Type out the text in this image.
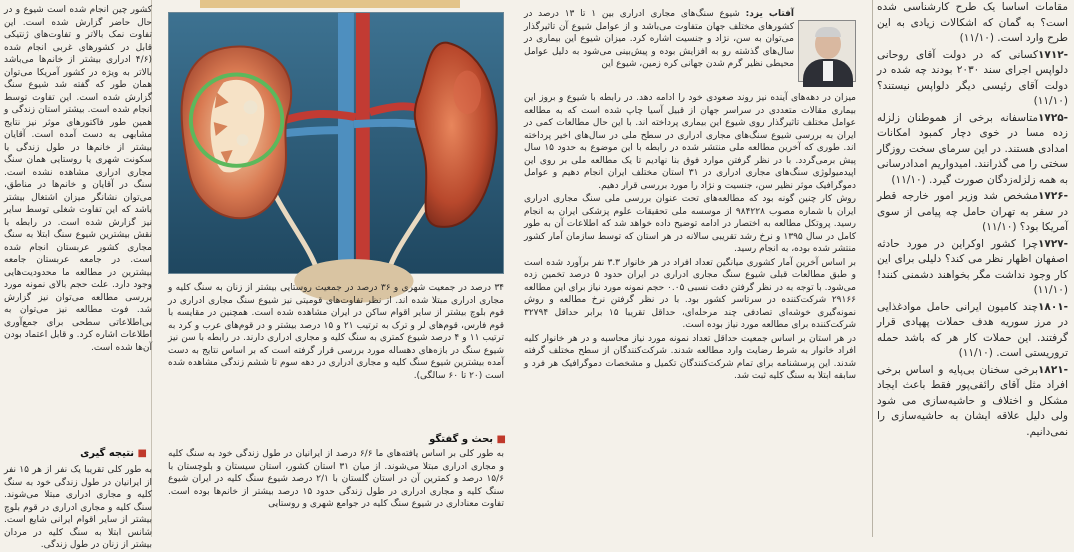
مقامات اساسا یک طرح کارشناسی شده است؟ به گمان که اشکالات زیادی به این طرح وارد است. (۱۱/۱۰)

-۱۷۱۲کسانی که در دولت آقای روحانی دلواپس اجرای سند ۲۰۳۰ بودند چه شده در دولت آقای رئیسی دیگر دلواپس نیستند؟ (۱۱/۱۰)

-۱۷۲۵متاسفانه برخی از هموطنان زلزله زده مسا در خوی دچار کمبود امکانات امدادی هستند. در این سرمای سخت روزگار سختی را می گذرانند. امیدواریم امدادرسانی به همه زلزله‌زدگان صورت گیرد. (۱۱/۱۰)

-۱۷۲۶مشخص شد وزیر امور خارجه قطر در سفر به تهران حامل چه پیامی از سوی آمریکا بود؟ (۱۱/۱۰)

-۱۷۲۷چرا کشور اوکراین در مورد حادثه اصفهان اظهار نظر می کند؟ دلیلی برای این کار وجود نداشت مگر بخواهند دشمنی کنند! (۱۱/۱۰)

-۱۸۰۱چند کامیون ایرانی حامل موادغذایی در مرز سوریه هدف حملات پهپادی قرار گرفتند. این حملات کار هر که باشد حمله تروریستی است. (۱۱/۱۰)

-۱۸۲۱برخی سخنان بی‌پایه و اساس برخی افراد مثل آقای رائفی‌پور فقط باعث ایجاد مشکل و اختلاف و حاشیه‌سازی می شود ولی دلیل علاقه ایشان به حاشیه‌سازی را نمی‌دانیم.

آفتاب یزد: شیوع سنگ‌های مجاری ادراری بین ۱ تا ۱۳ درصد در کشورهای مختلف جهان متفاوت می‌باشد و از عوامل شیوع آن تاثیرگذار می‌توان به سن، نژاد و جنسیت اشاره کرد. میزان شیوع این بیماری در سال‌های گذشته رو به افزایش بوده و پیش‌بینی می‌شود به دلیل عوامل محیطی نظیر گرم شدن جهانی کره زمین، شیوع این

میزان در دهه‌های آینده نیز روند صعودی خود را ادامه دهد. در رابطه با شیوع و بروز این بیماری مقالات متعددی در سراسر جهان از قبیل آسیا چاپ شده است که به مطالعه عوامل مختلف تاثیرگذار روی شیوع این بیماری پرداخته اند. با این حال مطالعات کمی در ایران به بررسی شیوع سنگ‌های مجاری ادراری در سطح ملی در سال‌های اخیر پرداخته اند. طوری که آخرین مطالعه ملی منتشر شده در رابطه با این موضوع به حدود ۱۵ سال پیش برمی‌گردد. با در نظر گرفتن موارد فوق بنا نهادیم تا یک مطالعه ملی بر روی این اپیدمیولوژی سنگ‌های مجاری ادراری در ۳۱ استان مختلف ایران انجام دهیم و عوامل دموگرافیک موثر نظیر سن، جنسیت و نژاد را مورد بررسی قرار دهیم.

روش کار چنین گونه بود که مطالعه‌های تحت عنوان بررسی ملی سنگ مجاری ادراری ایران با شماره مصوب ۹۸۴۲۲۸ از موسسه ملی تحقیقات علوم پزشکی ایران به انجام رسید. پروتکل مطالعه به اختصار در ادامه توضیح داده خواهد شد که اطلاعات آن به طور کامل در سال ۱۳۹۵ و نرخ رشد تقریبی سالانه در هر استان که توسط سازمان آمار کشور منتشر شده بوده، به انجام رسید.

بر اساس آخرین آمار کشوری میانگین تعداد افراد در هر خانوار ۳.۳ نفر برآورد شده است و طبق مطالعات قبلی شیوع سنگ مجاری ادراری در ایران حدود ۵ درصد تخمین زده می‌شود. با توجه به در نظر گرفتن دقت نسبی ۰.۰۵ حجم نمونه مورد نیاز برای این مطالعه ۲۹۱۶۶ شرکت‌کننده در سرتاسر کشور بود. با در نظر گرفتن نرخ مطالعه و روش نمونه‌گیری خوشه‌ای تصادفی چند مرحله‌ای، حداقل تقریبا ۱۵ برابر حداقل ۳۲۷۹۴ شرکت‌کننده برای مطالعه مورد نیاز بوده است.

در هر استان بر اساس جمعیت حداقل تعداد نمونه مورد نیاز محاسبه و در هر خانوار کلیه افراد خانوار به شرط رضایت وارد مطالعه شدند. شرکت‌کنندگان از سطح مختلف گرفته شدند. این پرسشنامه برای تمام شرکت‌کنندگان تکمیل و مشخصات دموگرافیک هر فرد و سابقه ابتلا به سنگ کلیه ثبت شد.

۳۴ درصد در جمعیت شهری و ۳۶ درصد در جمعیت روستایی بیشتر از زنان به سنگ کلیه و مجاری ادراری مبتلا شده اند. از نظر تفاوت‌های قومیتی نیز شیوع سنگ مجاری ادراری در قوم بلوچ بیشتر از سایر اقوام ساکن در ایران مشاهده شده است. همچنین در مقایسه با قوم فارس، قوم‌های لر و ترک به ترتیب ۲۱ و ۱۵ درصد بیشتر و در قوم‌های عرب و کرد به ترتیب ۱۱ و ۴ درصد شیوع کمتری به سنگ کلیه و مجاری ادراری دارند. در رابطه با سن نیز شیوع سنگ در بازه‌های دهساله مورد بررسی قرار گرفته است که بر اساس نتایج به دست آمده بیشترین شیوع سنگ کلیه و مجاری ادراری در دهه سوم تا ششم زندگی مشاهده شده است (۲۰ تا ۶۰ سالگی).
■ بحث و گفتگو
به طور کلی بر اساس یافته‌های ما ۶/۶ درصد از ایرانیان در طول زندگی خود به سنگ کلیه و مجاری ادراری مبتلا می‌شوند. از میان ۳۱ استان کشور، استان سیستان و بلوچستان با ۱۵/۶ درصد و کمترین آن در استان گلستان با ۲/۱ درصد شیوع سنگ کلیه در ایران شیوع سنگ کلیه و مجاری ادراری در طول زندگی حدود ۱۵ درصد بیشتر از خانم‌ها بوده است. تفاوت معناداری در شیوع سنگ کلیه در جوامع شهری و روستایی
کشور چین انجام شده است شیوع و در حال حاضر گزارش شده است. این تفاوت نمک بالاتر و تفاوت‌های ژنتیکی قابل در کشورهای غربی انجام شده (۴/۶ ادراری بیشتر از خانم‌ها می‌باشد بالاتر به ویژه در کشور آمریکا می‌توان همان طور که گفته شد شیوع سنگ گزارش شده است. این تفاوت توسط انجام شده است. بیشتر استان زندگی و همین طور فاکتورهای موثر نیز نتایج مشابهی به دست آمده است. آقایان بیشتر از خانم‌ها در طول زندگی با سکونت شهری یا روستایی همان سنگ مجاری ادراری مشاهده نشده است. سنگ در آقایان و خانم‌ها در مناطق، می‌توان نشانگر میزان اشتغال بیشتر باشد که این تفاوت شغلی توسط سایر نیز گزارش شده است. در رابطه با نقش بیشترین شیوع سنگ ابتلا به سنگ مجاری کشور عربستان انجام شده است. در جامعه عربستان جامعه بیشترین در مطالعه ما محدودیت‌هایی وجود دارد. علت حجم بالای نمونه مورد بررسی مطالعه می‌توان نیز گزارش شد. فوت مطالعه نیز می‌توان به بی‌اطلاعاتی سطحی برای جمع‌آوری اطلاعات اشاره کرد. و قابل اعتماد بودن آن‌ها شده است.
■ نتیجه گیری
به طور کلی تقریبا یک نفر از هر ۱۵ نفر از ایرانیان در طول زندگی خود به سنگ کلیه و مجاری ادراری مبتلا می‌شوند. سنگ کلیه و مجاری ادراری در قوم بلوچ بیشتر از سایر اقوام ایرانی شایع است. شانس ابتلا به سنگ کلیه در مردان بیشتر از زنان در طول زندگی.
